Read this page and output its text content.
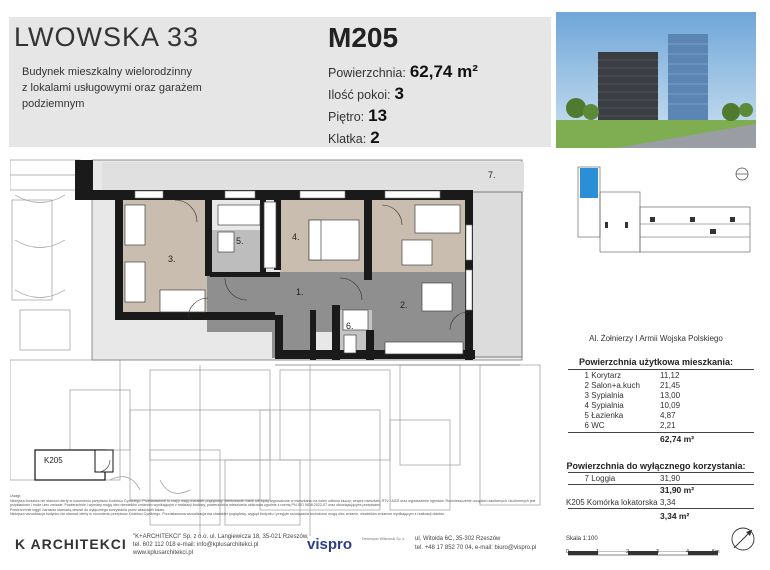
LWOWSKA 33	M205
Budynek mieszkalny wielorodzinny
z lokalami usługowymi oraz garażem
podziemnym
Powierzchnia: 62,74 m²
Ilość pokoi: 3
Piętro: 13
Klatka: 2
3.
5.	4.
1.
2.
6.
7.
K205
Al. Żołnierzy I Armii Wojska Polskiego
Powierzchnia użytkowa mieszkania:
1 Korytarz	11,12
2 Salon+a.kuch	21,45
3 Sypialnia	13,00
4 Sypialnia	10,09
5 Łazienka	4,87
6 WC	2,21
62,74 m²
Powierzchnia do wyłącznego korzystania:
7 Loggia	31,90
31,90 m²
K205 Komórka lokatorska 3,34
3,34 m²
Uwagi:
Niniejsza broszura nie stanowi oferty w rozumieniu przepisów Kodeksu Cywilnego. Przedstawione tu mapy mają charakter poglądowy. Meblowanie i takie nie będą wyposażone w mieszkaniu na dzień odbioru kluczy; wnętrz mieszkań, RTV i AGD oraz wyposażenie ogrodów. Rozmieszczenie urządzeń sanitarnych i kuchennych jest przykładowe i może ulec zmianie. Powierzchnie i wymiary mogą ulec niewielkim zmianom wynikającym z realizacji budowy, powierzchnia mieszkania obliczona zgodnie z normą PN-ISO 9836:2022-07 oraz obowiązującymi przepisami.
Powierzchnie loggii i tarasów stanowią obszar do wyłącznego korzystania przez właścicieli lokalu.
Niniejsza wizualizacja budynku nie stanowi oferty w rozumieniu przepisów Kodeksu Cywilnego. Przedstawiona wizualizacja ma charakter poglądowy, wygląd budynku i przyjęte rozwiązania techniczne mogą ulec zmianie, niewielkim zmianom wynikającym z realizacji obiektu.
K ARCHITEKCI "K+ARCHITEKCI" Sp. z o.o. ul. Langiewicza 18, 35-021 Rzeszów,
tel. 602 112 018 e-mail: info@kplusarchitekci.pl
www.kplusarchitekci.pl	vispro	Deweloper Witkowski Sp. k. ul. Witolda 6C, 35-302 Rzeszów
tel. +48 17 852 70 04, e-mail: biuro@vispro.pl
Skala 1:100
0	1	2	3	4	5m
